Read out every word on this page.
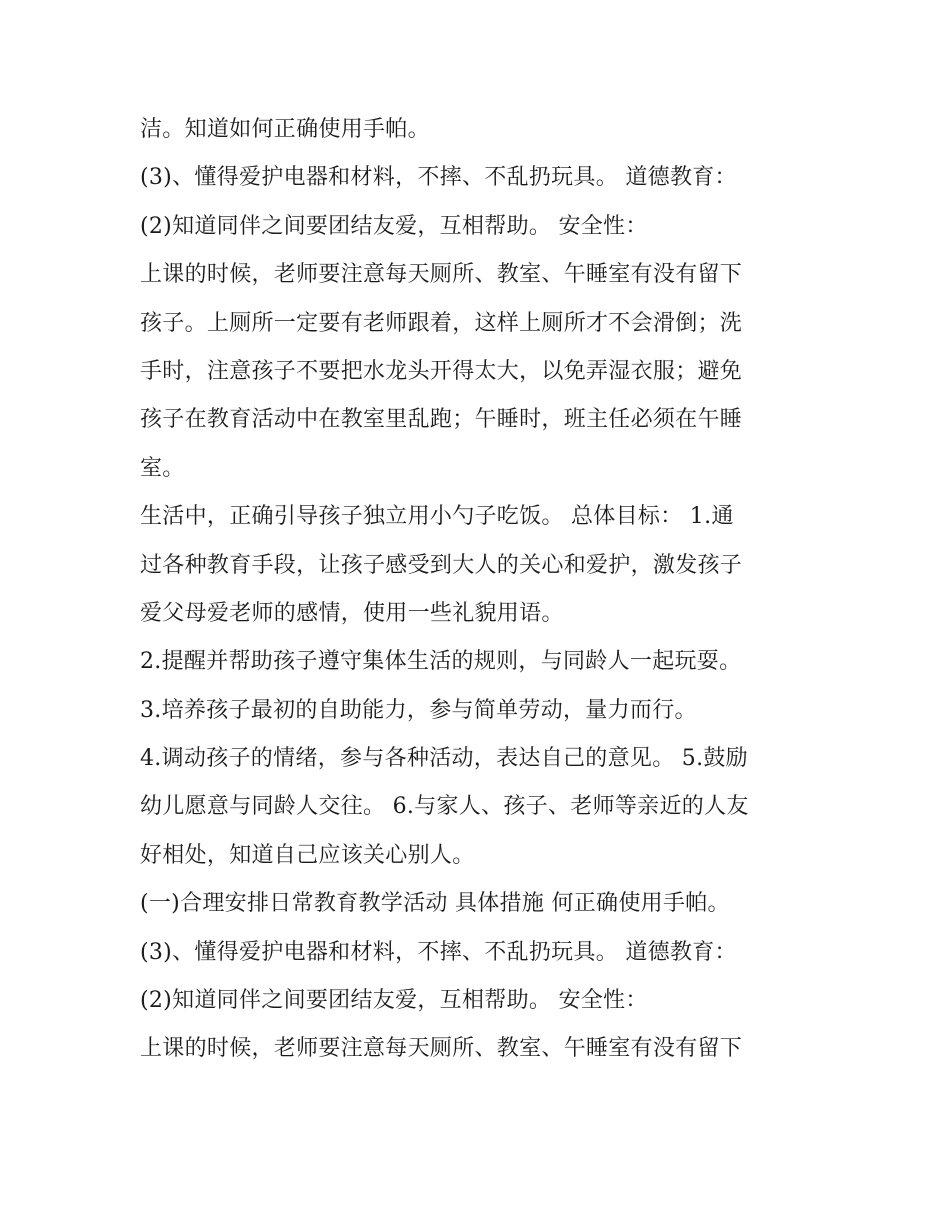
洁。知道如何正确使用手帕。
(3)、懂得爱护电器和材料，不摔、不乱扔玩具。 道德教育：
(2)知道同伴之间要团结友爱，互相帮助。 安全性：
上课的时候，老师要注意每天厕所、教室、午睡室有没有留下
孩子。上厕所一定要有老师跟着，这样上厕所才不会滑倒；洗
手时，注意孩子不要把水龙头开得太大，以免弄湿衣服；避免
孩子在教育活动中在教室里乱跑；午睡时，班主任必须在午睡
室。
生活中，正确引导孩子独立用小勺子吃饭。 总体目标： 1.通
过各种教育手段，让孩子感受到大人的关心和爱护，激发孩子
爱父母爱老师的感情，使用一些礼貌用语。
2.提醒并帮助孩子遵守集体生活的规则，与同龄人一起玩耍。
3.培养孩子最初的自助能力，参与简单劳动，量力而行。
4.调动孩子的情绪，参与各种活动，表达自己的意见。 5.鼓励
幼儿愿意与同龄人交往。 6.与家人、孩子、老师等亲近的人友
好相处，知道自己应该关心别人。
(一)合理安排日常教育教学活动 具体措施 何正确使用手帕。
(3)、懂得爱护电器和材料，不摔、不乱扔玩具。 道德教育：
(2)知道同伴之间要团结友爱，互相帮助。 安全性：
上课的时候，老师要注意每天厕所、教室、午睡室有没有留下
